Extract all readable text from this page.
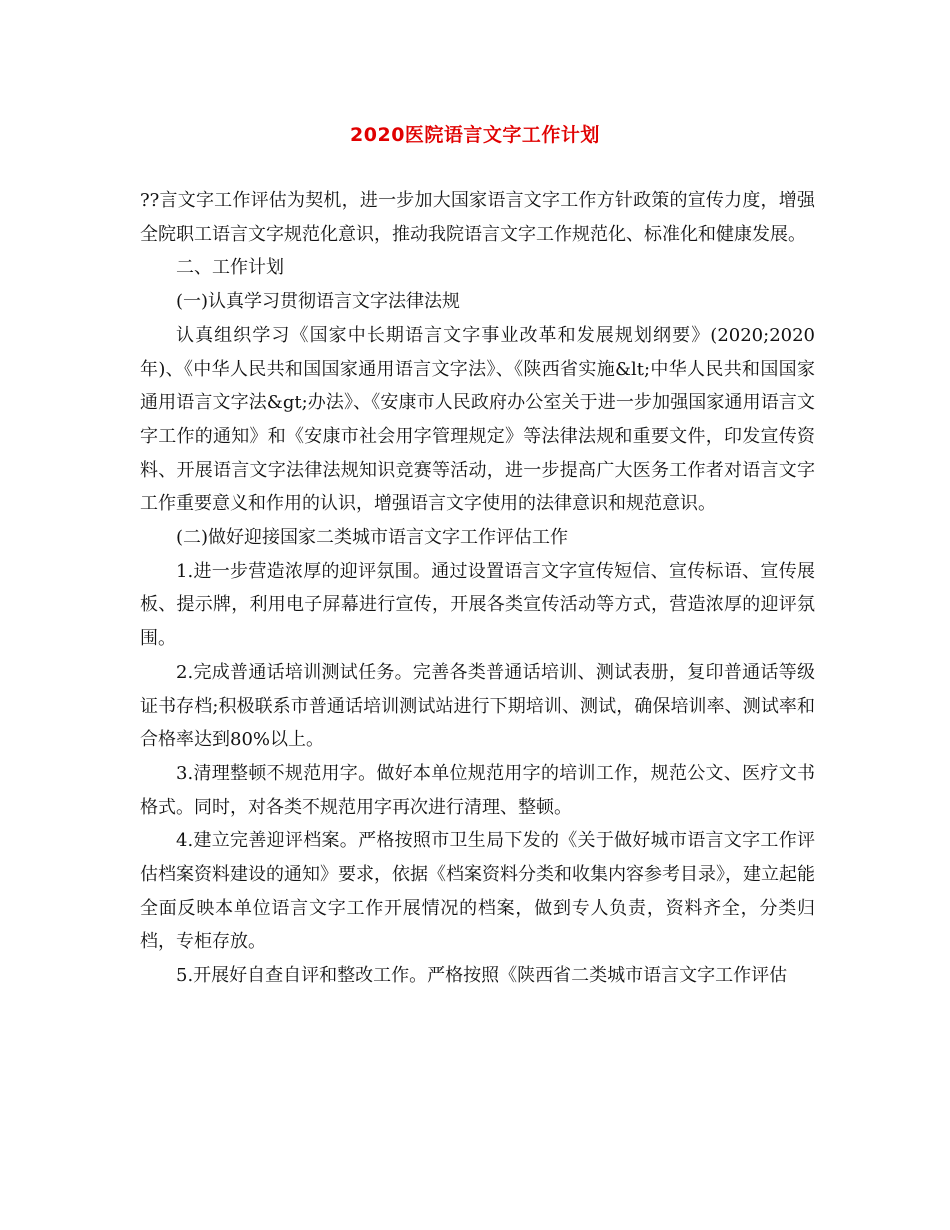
2020医院语言文字工作计划

??言文字工作评估为契机，进一步加大国家语言文字工作方针政策的宣传力度，增强全院职工语言文字规范化意识，推动我院语言文字工作规范化、标准化和健康发展。

二、工作计划

(一)认真学习贯彻语言文字法律法规

认真组织学习《国家中长期语言文字事业改革和发展规划纲要》(2020;2020年)、《中华人民共和国国家通用语言文字法》、《陕西省实施&lt;中华人民共和国国家通用语言文字法&gt;办法》、《安康市人民政府办公室关于进一步加强国家通用语言文字工作的通知》和《安康市社会用字管理规定》等法律法规和重要文件，印发宣传资料、开展语言文字法律法规知识竞赛等活动，进一步提高广大医务工作者对语言文字工作重要意义和作用的认识，增强语言文字使用的法律意识和规范意识。

(二)做好迎接国家二类城市语言文字工作评估工作

1.进一步营造浓厚的迎评氛围。通过设置语言文字宣传短信、宣传标语、宣传展板、提示牌，利用电子屏幕进行宣传，开展各类宣传活动等方式，营造浓厚的迎评氛围。

2.完成普通话培训测试任务。完善各类普通话培训、测试表册，复印普通话等级证书存档;积极联系市普通话培训测试站进行下期培训、测试，确保培训率、测试率和合格率达到80%以上。

3.清理整顿不规范用字。做好本单位规范用字的培训工作，规范公文、医疗文书格式。同时，对各类不规范用字再次进行清理、整顿。

4.建立完善迎评档案。严格按照市卫生局下发的《关于做好城市语言文字工作评估档案资料建设的通知》要求，依据《档案资料分类和收集内容参考目录》，建立起能全面反映本单位语言文字工作开展情况的档案，做到专人负责，资料齐全，分类归档，专柜存放。

5.开展好自查自评和整改工作。严格按照《陕西省二类城市语言文字工作评估
